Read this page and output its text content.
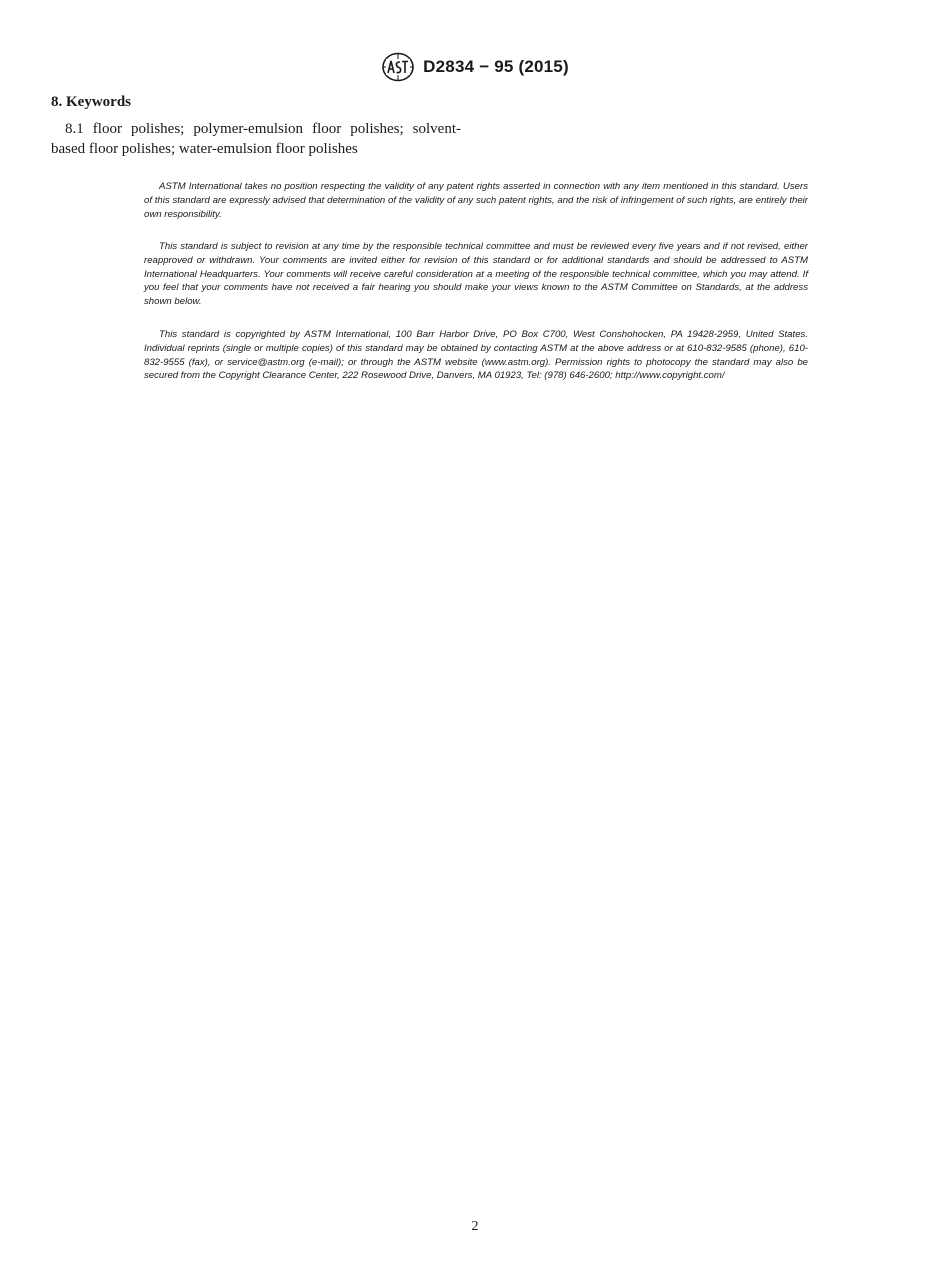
D2834 − 95 (2015)
8. Keywords
8.1 floor polishes; polymer-emulsion floor polishes; solvent-based floor polishes; water-emulsion floor polishes

ASTM International takes no position respecting the validity of any patent rights asserted in connection with any item mentioned in this standard. Users of this standard are expressly advised that determination of the validity of any such patent rights, and the risk of infringement of such rights, are entirely their own responsibility.

This standard is subject to revision at any time by the responsible technical committee and must be reviewed every five years and if not revised, either reapproved or withdrawn. Your comments are invited either for revision of this standard or for additional standards and should be addressed to ASTM International Headquarters. Your comments will receive careful consideration at a meeting of the responsible technical committee, which you may attend. If you feel that your comments have not received a fair hearing you should make your views known to the ASTM Committee on Standards, at the address shown below.

This standard is copyrighted by ASTM International, 100 Barr Harbor Drive, PO Box C700, West Conshohocken, PA 19428-2959, United States. Individual reprints (single or multiple copies) of this standard may be obtained by contacting ASTM at the above address or at 610-832-9585 (phone), 610-832-9555 (fax), or service@astm.org (e-mail); or through the ASTM website (www.astm.org). Permission rights to photocopy the standard may also be secured from the Copyright Clearance Center, 222 Rosewood Drive, Danvers, MA 01923, Tel: (978) 646-2600; http://www.copyright.com/

2
